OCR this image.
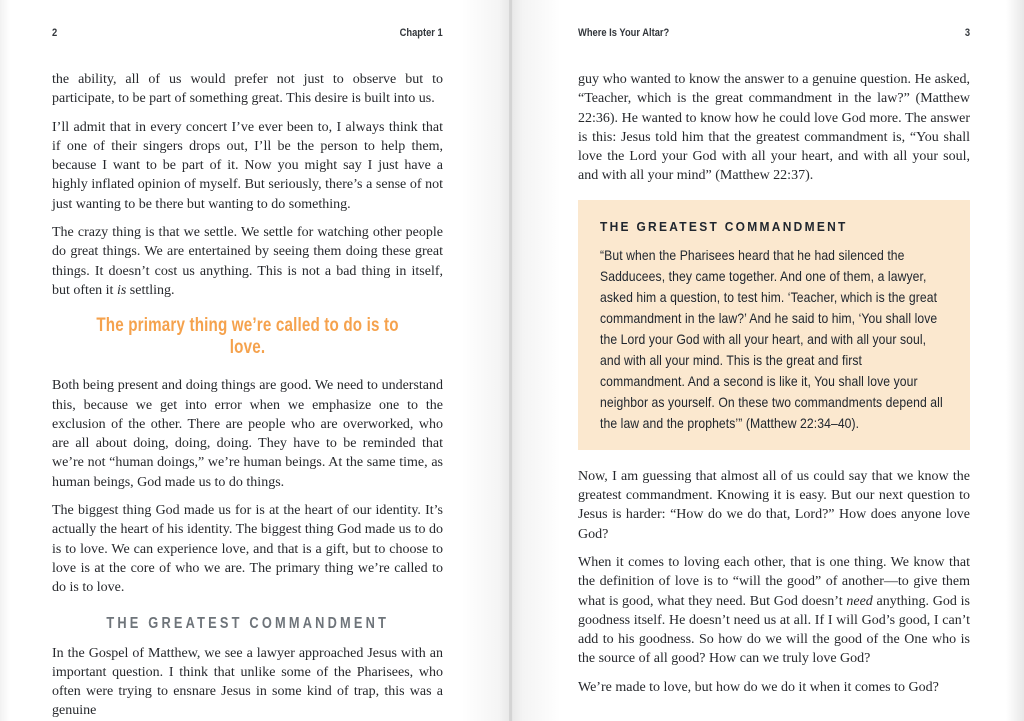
2	Chapter 1

the ability, all of us would prefer not just to observe but to participate, to be part of something great. This desire is built into us.

I’ll admit that in every concert I’ve ever been to, I always think that if one of their singers drops out, I’ll be the person to help them, because I want to be part of it. Now you might say I just have a highly inflated opinion of myself. But seriously, there’s a sense of not just wanting to be there but wanting to do something.

The crazy thing is that we settle. We settle for watching other people do great things. We are entertained by seeing them doing these great things. It doesn’t cost us anything. This is not a bad thing in itself, but often it is settling.

The primary thing we’re called to do is to love.

Both being present and doing things are good. We need to understand this, because we get into error when we emphasize one to the exclusion of the other. There are people who are overworked, who are all about doing, doing, doing. They have to be reminded that we’re not “human doings,” we’re human beings. At the same time, as human beings, God made us to do things.

The biggest thing God made us for is at the heart of our identity. It’s actually the heart of his identity. The biggest thing God made us to do is to love. We can experience love, and that is a gift, but to choose to love is at the core of who we are. The primary thing we’re called to do is to love.

THE GREATEST COMMANDMENT

In the Gospel of Matthew, we see a lawyer approached Jesus with an important question. I think that unlike some of the Pharisees, who often were trying to ensnare Jesus in some kind of trap, this was a genuine

Where Is Your Altar?	3

guy who wanted to know the answer to a genuine question. He asked, “Teacher, which is the great commandment in the law?” (Matthew 22:36). He wanted to know how he could love God more. The answer is this: Jesus told him that the greatest commandment is, “You shall love the Lord your God with all your heart, and with all your soul, and with all your mind” (Matthew 22:37).

THE GREATEST COMMANDMENT
“But when the Pharisees heard that he had silenced the Sadducees, they came together. And one of them, a lawyer, asked him a question, to test him. ‘Teacher, which is the great commandment in the law?’ And he said to him, ‘You shall love the Lord your God with all your heart, and with all your soul, and with all your mind. This is the great and first commandment. And a second is like it, You shall love your neighbor as yourself. On these two commandments depend all the law and the prophets’” (Matthew 22:34–40).

Now, I am guessing that almost all of us could say that we know the greatest commandment. Knowing it is easy. But our next question to Jesus is harder: “How do we do that, Lord?” How does anyone love God?

When it comes to loving each other, that is one thing. We know that the definition of love is to “will the good” of another—to give them what is good, what they need. But God doesn’t need anything. God is goodness itself. He doesn’t need us at all. If I will God’s good, I can’t add to his goodness. So how do we will the good of the One who is the source of all good? How can we truly love God?

We’re made to love, but how do we do it when it comes to God?
